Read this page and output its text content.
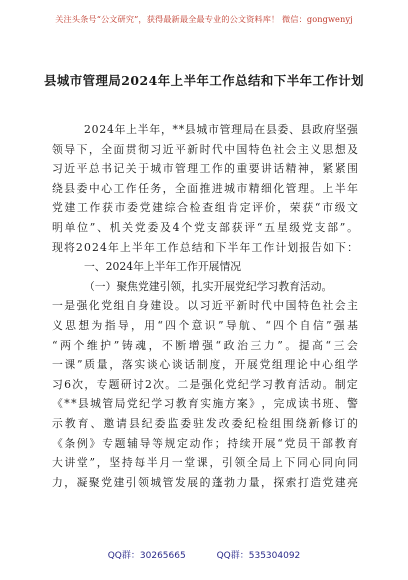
关注头条号“公文研究”，获得最新最全最专业的公文资料库！ 微信：gongwenyj
县城市管理局2024年上半年工作总结和下半年工作计划
2 0 2 4 年 上 半 年 ， * * 县 城 市 管 理 局 在 县 委 、 县 政 府 坚 强
领 导 下 ， 全 面 贯 彻 习 近 平 新 时 代 中 国 特 色 社 会 主 义 思 想 及
习 近 平 总 书 记 关 于 城 市 管 理 工 作 的 重 要 讲 话 精 神 ， 紧 紧 围
绕 县 委 中 心 工 作 任 务 ， 全 面 推 进 城 市 精 细 化 管 理 。 上 半 年
党 建 工 作 获 市 委 党 建 综 合 检 查 组 肯 定 评 价 ， 荣 获 “ 市 级 文
明 单 位 ” 、 机 关 党 委 及 4 个 党 支 部 获 评 “ 五 星 级 党 支 部 ” 。
现 将 2 0 2 4 年 上 半 年 工 作 总 结 和 下 半 年 工 作 计 划 报 告 如 下 ：
一、2024年上半年工作开展情况
（一）聚焦党建引领，扎实开展党纪学习教育活动。
一 是 强 化 党 组 自 身 建 设 。 以 习 近 平 新 时 代 中 国 特 色 社 会 主
义 思 想 为 指 导 ， 用 “ 四 个 意 识 ” 导 航 、 “ 四 个 自 信 ” 强 基
“ 两 个 维 护 ” 铸 魂 ， 不 断 增 强 “ 政 治 三 力 ” 。 提 高 “ 三 会
一 课 ” 质 量 ， 落 实 谈 心 谈 话 制 度 ， 开 展 党 组 理 论 中 心 组 学
习 6 次 ， 专 题 研 讨 2 次 。 二 是 强 化 党 纪 学 习 教 育 活 动 。 制 定
《 * * 县 城 管 局 党 纪 学 习 教 育 实 施 方 案 》 ， 完 成 读 书 班 、 警
示 教 育 、 邀 请 县 纪 委 监 委 驻 发 改 委 纪 检 组 围 绕 新 修 订 的
《 条 例 》 专 题 辅 导 等 规 定 动 作 ； 持 续 开 展 “ 党 员 干 部 教 育
大 讲 堂 ” ， 坚 持 每 半 月 一 堂 课 ， 引 领 全 局 上 下 同 心 同 向 同
力 ， 凝 聚 党 建 引 领 城 管 发 展 的 蓬 勃 力 量 ， 探 索 打 造 党 建 亮
QQ群：30265665	QQ群：535304092
